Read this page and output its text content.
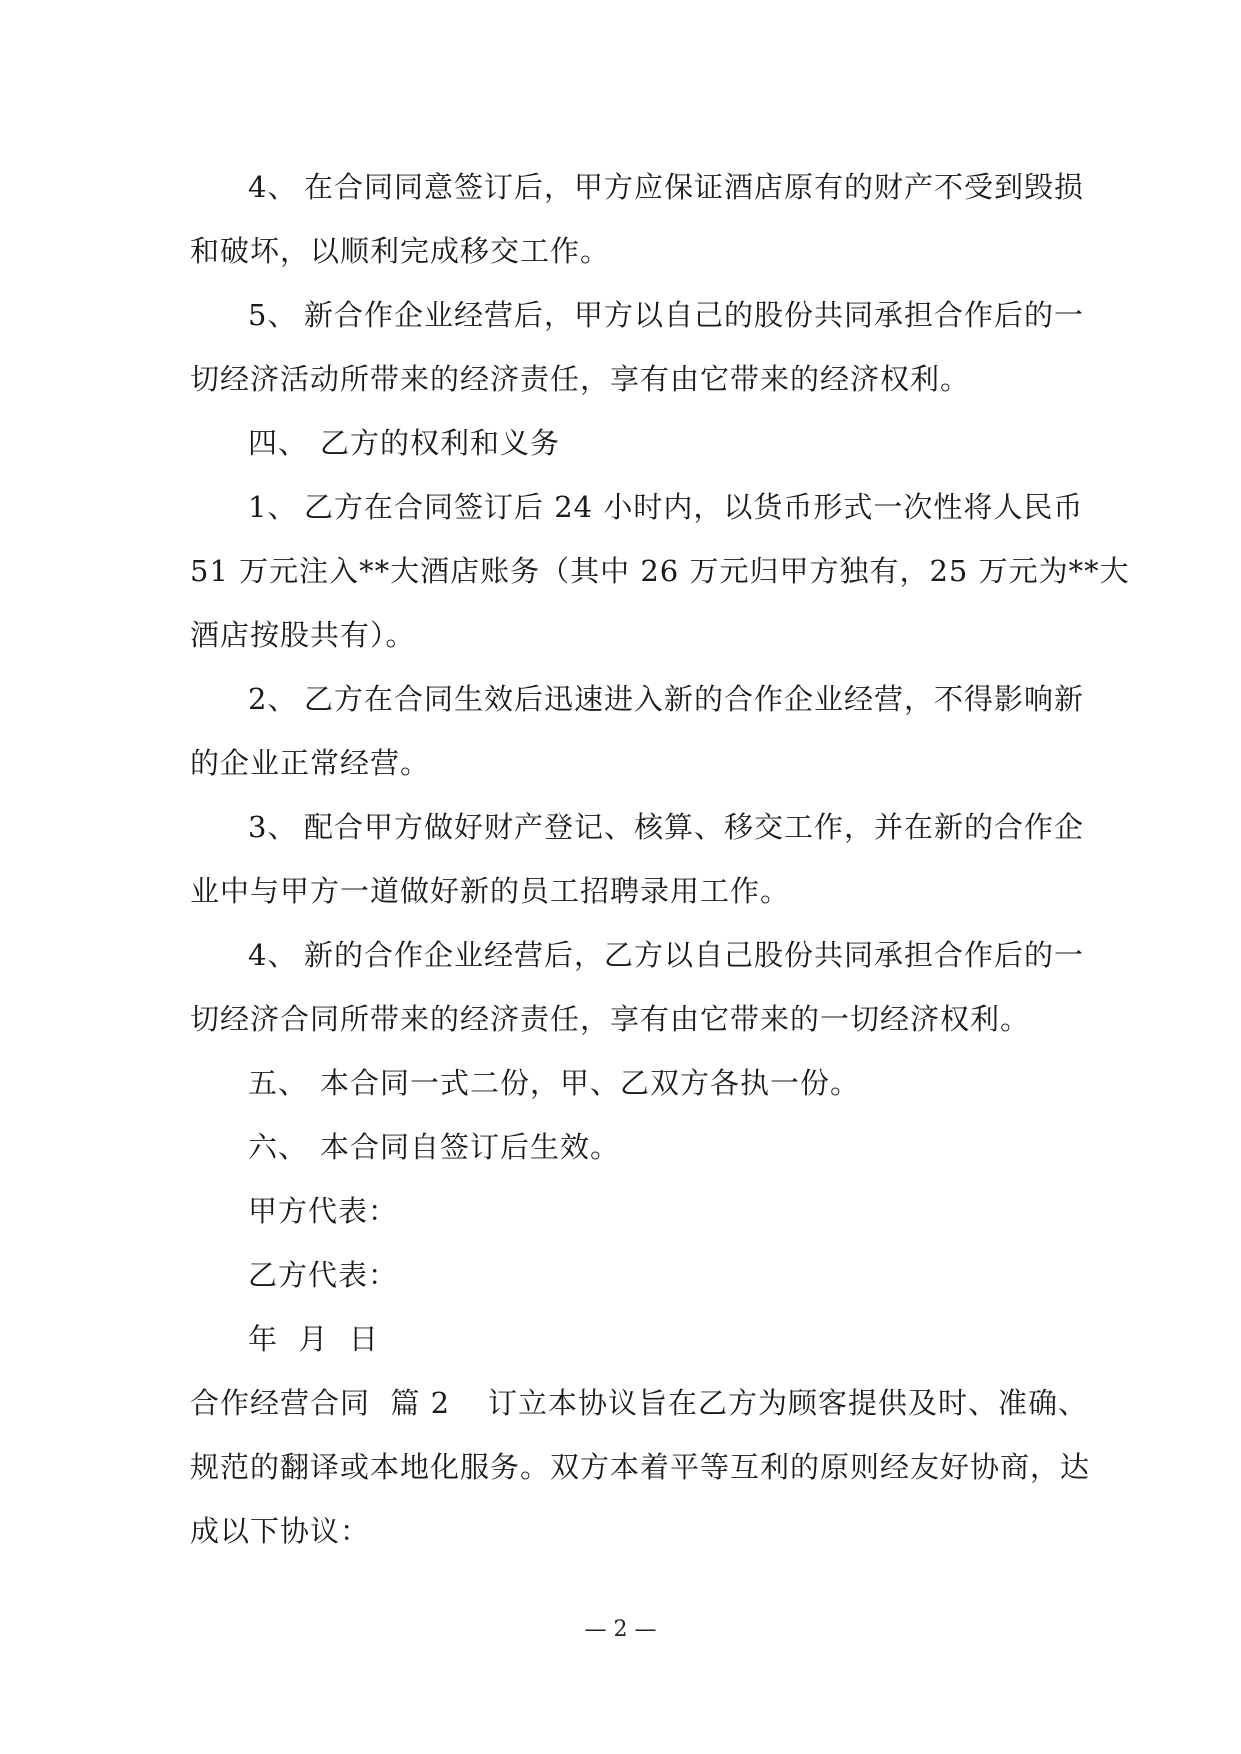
4、 在合同同意签订后，甲方应保证酒店原有的财产不受到毁损
和破坏，以顺利完成移交工作。
5、 新合作企业经营后，甲方以自己的股份共同承担合作后的一
切经济活动所带来的经济责任，享有由它带来的经济权利。
四、 乙方的权利和义务
1、 乙方在合同签订后 24 小时内，以货币形式一次性将人民币
51 万元注入**大酒店账务（其中 26 万元归甲方独有，25 万元为**大
酒店按股共有）。
2、 乙方在合同生效后迅速进入新的合作企业经营，不得影响新
的企业正常经营。
3、 配合甲方做好财产登记、核算、移交工作，并在新的合作企
业中与甲方一道做好新的员工招聘录用工作。
4、 新的合作企业经营后，乙方以自己股份共同承担合作后的一
切经济合同所带来的经济责任，享有由它带来的一切经济权利。
五、 本合同一式二份，甲、乙双方各执一份。
六、 本合同自签订后生效。
甲方代表：
乙方代表：
年  月  日
合作经营合同  篇 2 订立本协议旨在乙方为顾客提供及时、准确、
规范的翻译或本地化服务。双方本着平等互利的原则经友好协商，达
成以下协议：
— 2 —
